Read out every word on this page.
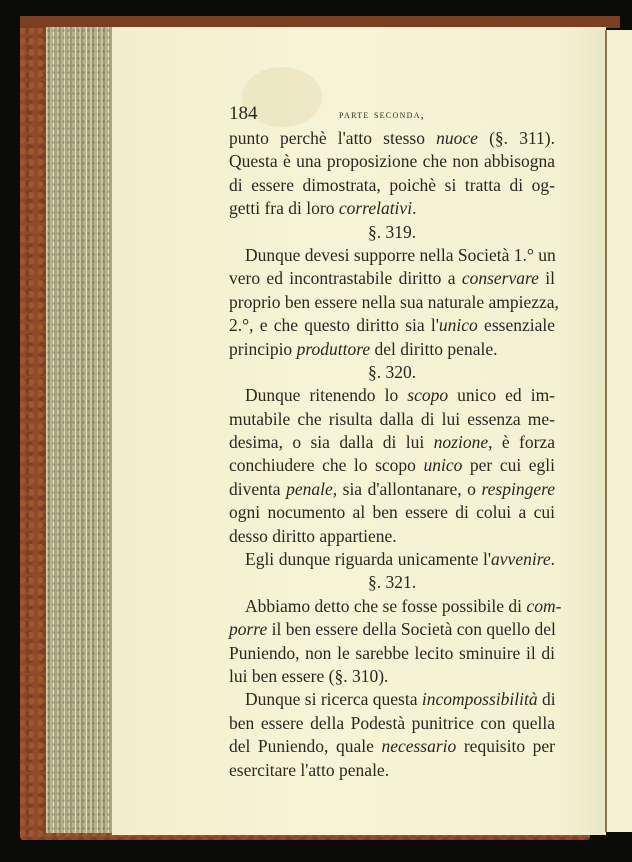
184	parte seconda,
punto perchè l'atto stesso nuoce (§. 311).
Questa è una proposizione che non abbisogna
di essere dimostrata, poichè si tratta di og-
getti fra di loro correlativi.
§. 319.
Dunque devesi supporre nella Società 1.° un
vero ed incontrastabile diritto a conservare il
proprio ben essere nella sua naturale ampiezza,
2.°, e che questo diritto sia l'unico essenziale
principio produttore del diritto penale.
§. 320.
Dunque ritenendo lo scopo unico ed im-
mutabile che risulta dalla di lui essenza me-
desima, o sia dalla di lui nozione, è forza
conchiudere che lo scopo unico per cui egli
diventa penale, sia d'allontanare, o respingere
ogni nocumento al ben essere di colui a cui
desso diritto appartiene.
Egli dunque riguarda unicamente l'avvenire.
§. 321.
Abbiamo detto che se fosse possibile di com-
porre il ben essere della Società con quello del
Puniendo, non le sarebbe lecito sminuire il di
lui ben essere (§. 310).
Dunque si ricerca questa incompossibilità di
ben essere della Podestà punitrice con quella
del Puniendo, quale necessario requisito per
esercitare l'atto penale.
